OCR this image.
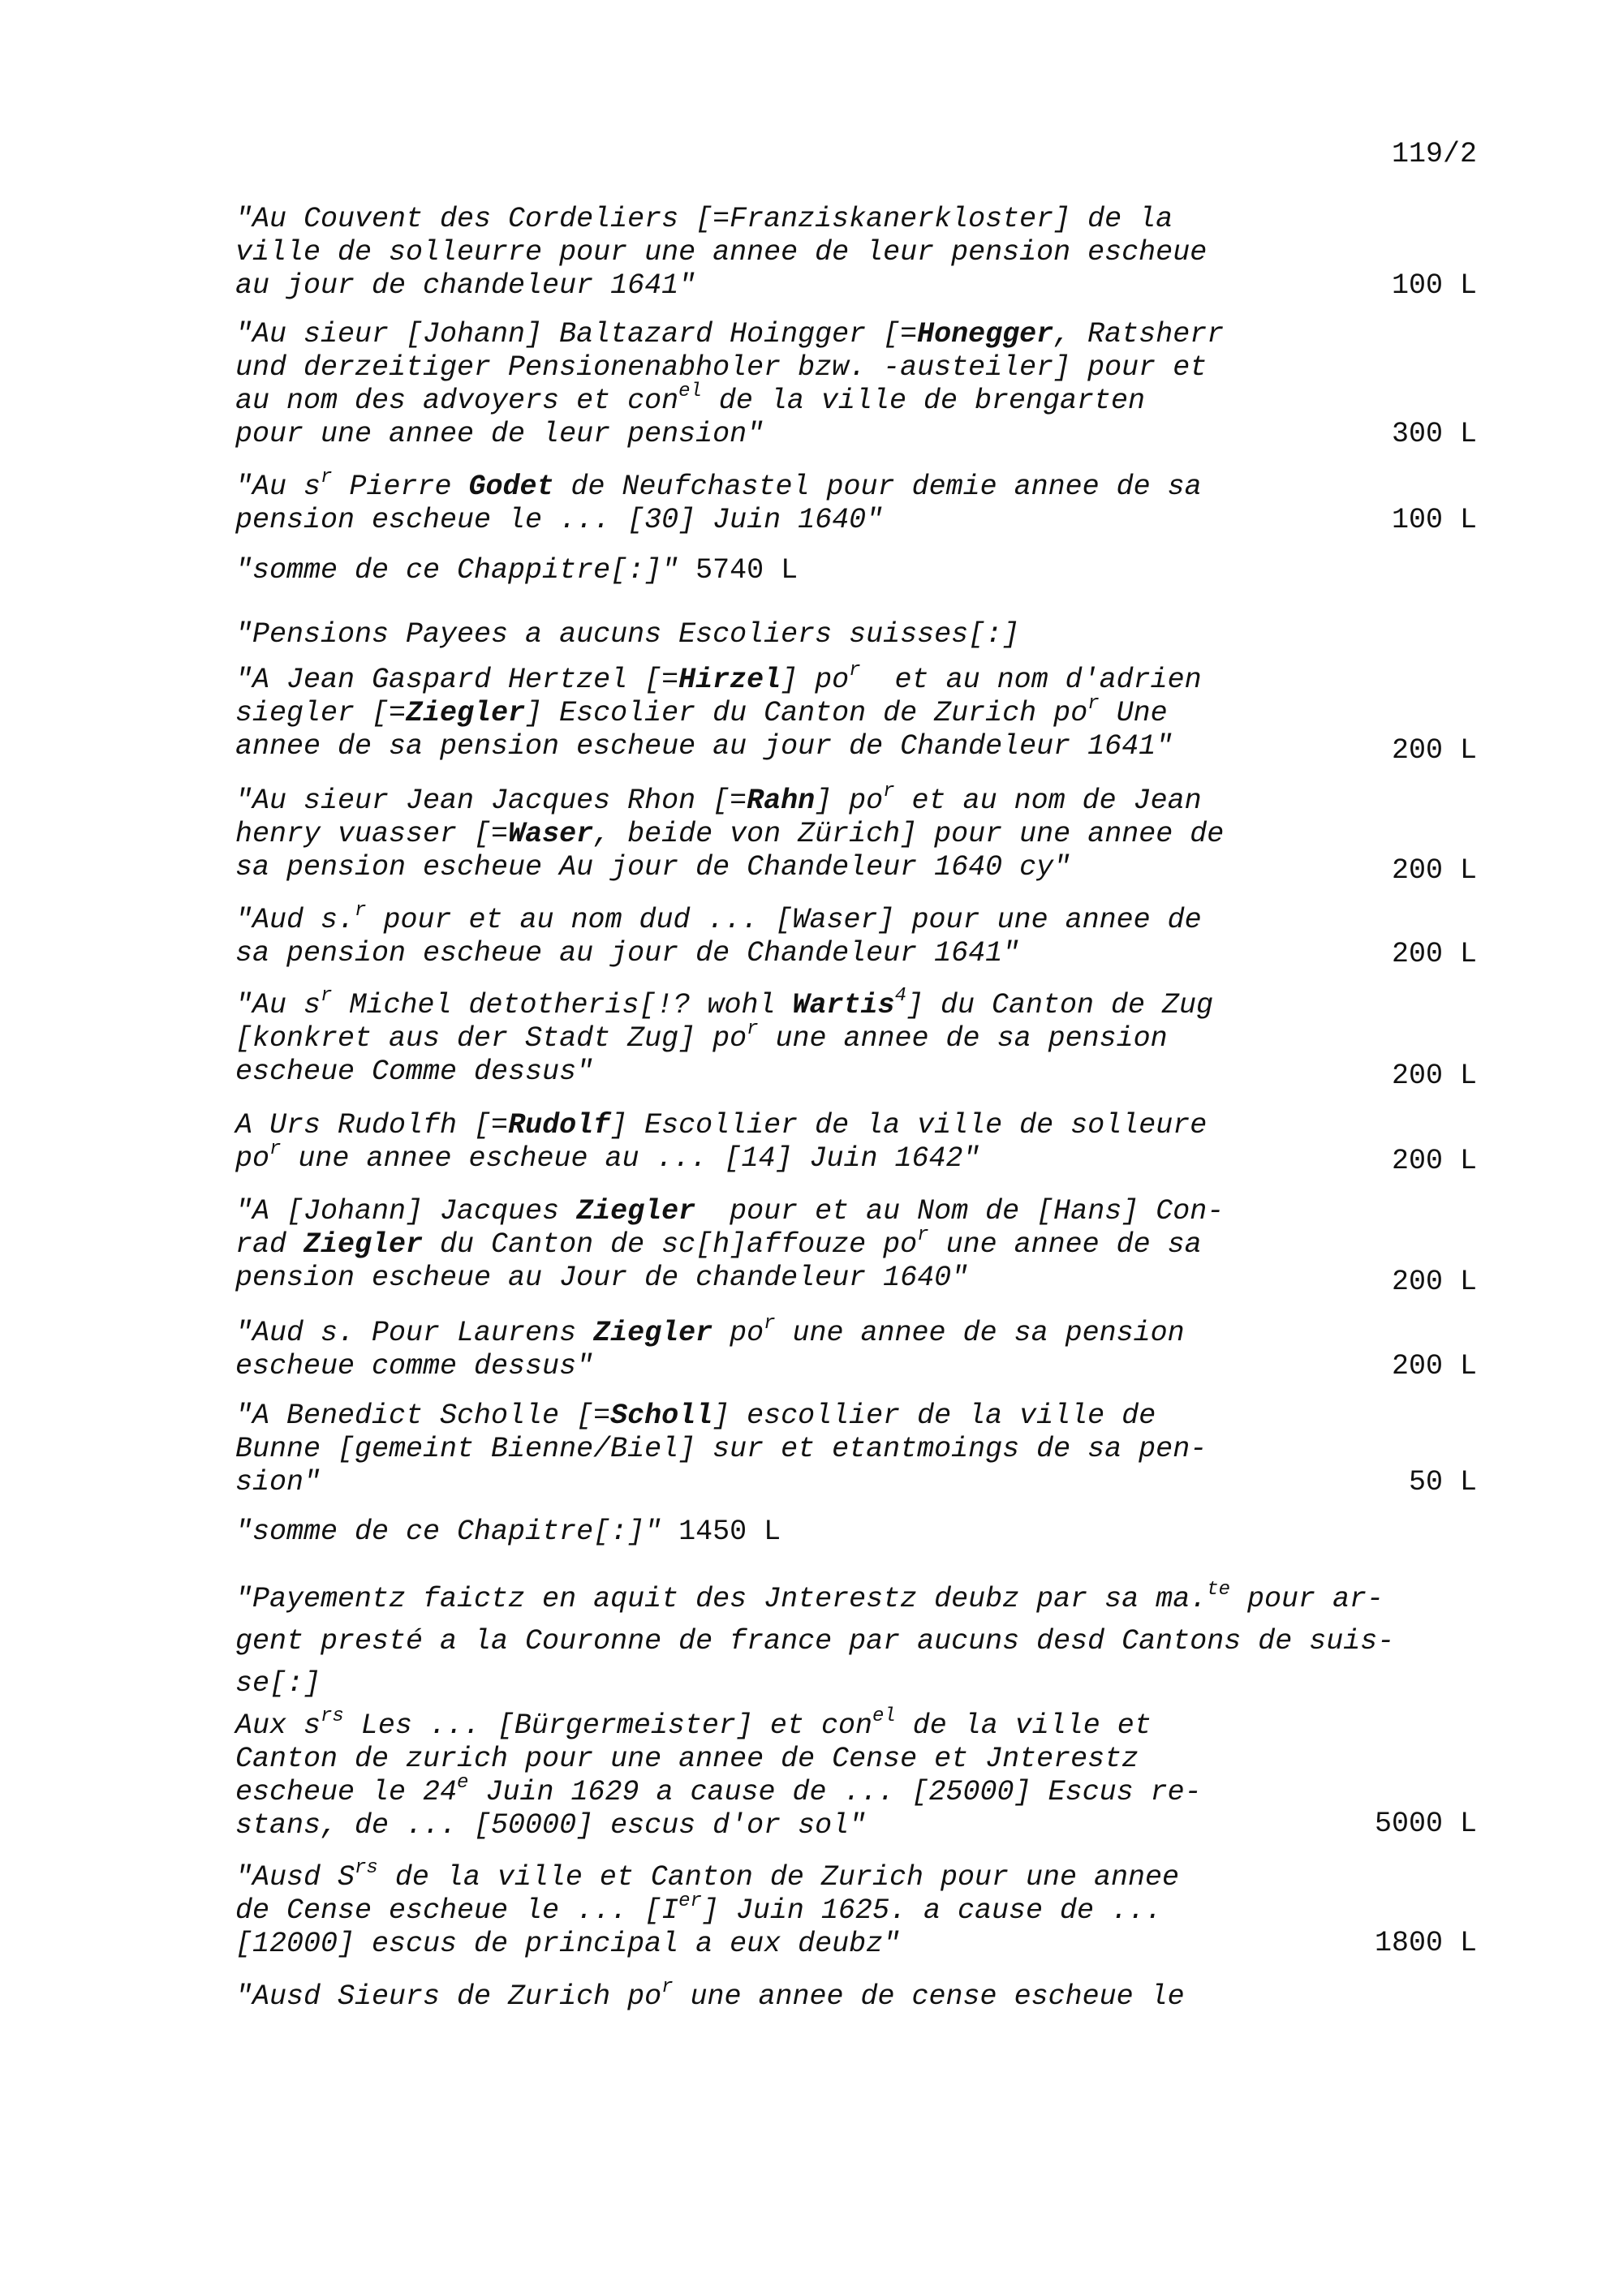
119/2
"Au Couvent des Cordeliers [=Franziskanerkloster] de la
ville de solleurre pour une annee de leur pension escheue
au jour de chandeleur 1641"	100 L
"Au sieur [Johann] Baltazard Hoingger [=Honegger, Ratsherr
und derzeitiger Pensionenabholer bzw. -austeiler] pour et
au nom des advoyers et con$^{el}$ de la ville de brengarten
pour une annee de leur pension"	300 L
"Au $s^r$ Pierre Godet de Neufchastel pour demie annee de sa
pension escheue le ... [30] Juin 1640"	100 L
"somme de ce Chappitre[:]" 5740 L
"Pensions Payees a aucuns Escoliers suisses[:]
"A Jean Gaspard Hertzel [=Hirzel] $po^r$  et au nom d'adrien
siegler [=Ziegler] Escolier du Canton de Zurich $po^r$ Une
annee de sa pension escheue au jour de Chandeleur 1641"	200 L
"Au sieur Jean Jacques Rhon [=Rahn] $po^r$ et au nom de Jean
henry vuasser [=Waser, beide von Zürich] pour une annee de
sa pension escheue Au jour de Chandeleur 1640 cy"	200 L
"Aud s.$^r$ pour et au nom dud ... [Waser] pour une annee de
sa pension escheue au jour de Chandeleur 1641"	200 L
"Au $s^r$ Michel detotheris[!? wohl Wartis$^4$] du Canton de Zug
[konkret aus der Stadt Zug] $po^r$ une annee de sa pension
escheue Comme dessus"	200 L
A Urs Rudolfh [=Rudolf] Escollier de la ville de solleure
$po^r$ une annee escheue au ... [14] Juin 1642"	200 L
"A [Johann] Jacques Ziegler  pour et au Nom de [Hans] Con-
rad Ziegler du Canton de sc[h]affouze $po^r$ une annee de sa
pension escheue au Jour de chandeleur 1640"	200 L
"Aud s. Pour Laurens Ziegler $po^r$ une annee de sa pension
escheue comme dessus"	200 L
"A Benedict Scholle [=Scholl] escollier de la ville de
Bunne [gemeint Bienne/Biel] sur et etantmoings de sa pen-
sion"	50 L
"somme de ce Chapitre[:]" 1450 L
"Payementz faictz en aquit des Jnterestz deubz par sa ma.$^{te}$ pour ar-
gent presté a la Couronne de france par aucuns desd Cantons de suis-
se[:]
Aux $s^{rs}$ Les ... [Bürgermeister] et con$^{el}$ de la ville et
Canton de zurich pour une annee de Cense et Jnterestz
escheue le 24e Juin 1629 a cause de ... [25000] Escus re-
stans, de ... [50000] escus d'or sol"	5000 L
"Ausd $S^{rs}$ de la ville et Canton de Zurich pour une annee
de Cense escheue le ... [Ier] Juin 1625. a cause de ...
[12000] escus de principal a eux deubz"	1800 L
"Ausd Sieurs de Zurich $po^r$ une annee de cense escheue le
